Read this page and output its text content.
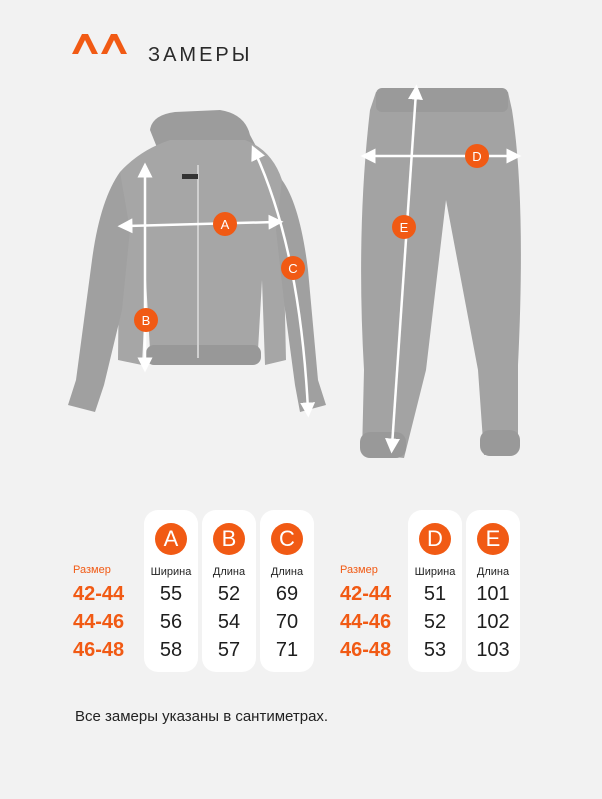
ЗАМЕРЫ
A
B
C
D
E
Размер
42-44
44-46
46-48
A
Ширина
55
56
58
B
Длина
52
54
57
C
Длина
69
70
71
Размер
42-44
44-46
46-48
D
Ширина
51
52
53
E
Длина
101
102
103
Все замеры указаны в сантиметрах.
